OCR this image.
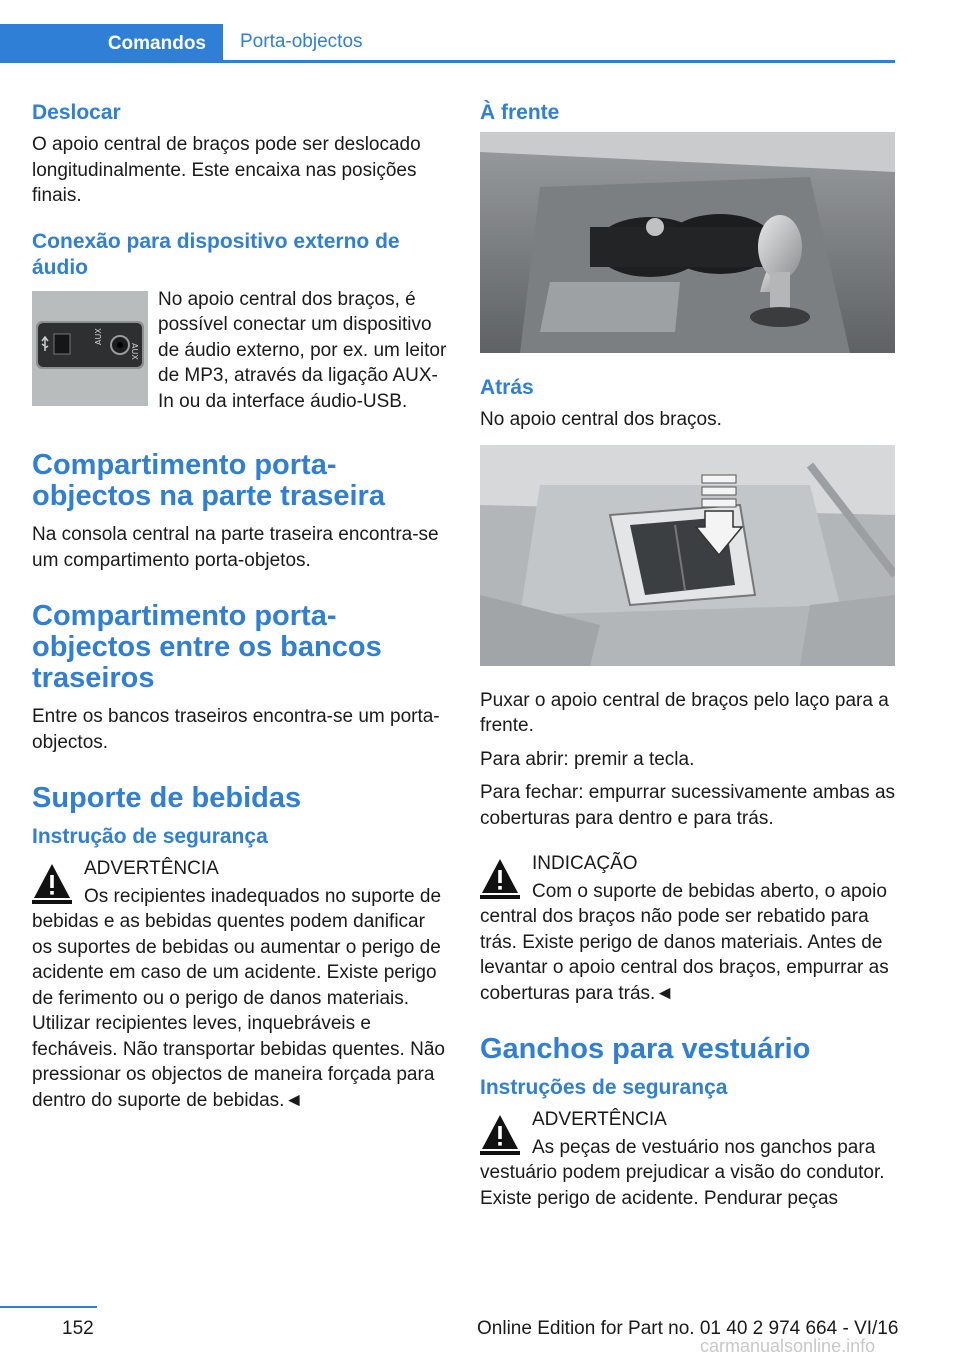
Comandos	Porta-objectos
Deslocar

O apoio central de braços pode ser deslocado longitudinalmente. Este encaixa nas posições finais.

Conexão para dispositivo externo de áudio
AUX
AUX

No apoio central dos braços, é possível conectar um dispositivo de áudio externo, por ex. um leitor de MP3, através da ligação AUX-In ou da interface áudio-USB.

Compartimento porta-objectos na parte traseira

Na consola central na parte traseira encontra-se um compartimento porta-objetos.

Compartimento porta-objectos entre os bancos traseiros

Entre os bancos traseiros encontra-se um porta-objectos.

Suporte de bebidas
Instrução de segurança

ADVERTÊNCIA

Os recipientes inadequados no suporte de bebidas e as bebidas quentes podem danificar os suportes de bebidas ou aumentar o perigo de acidente em caso de um acidente. Existe perigo de ferimento ou o perigo de danos materiais. Utilizar recipientes leves, inquebráveis e fecháveis. Não transportar bebidas quentes. Não pressionar os objectos de maneira forçada para dentro do suporte de bebidas.◄

À frente
Atrás

No apoio central dos braços.

Puxar o apoio central de braços pelo laço para a frente.

Para abrir: premir a tecla.

Para fechar: empurrar sucessivamente ambas as coberturas para dentro e para trás.

INDICAÇÃO

Com o suporte de bebidas aberto, o apoio central dos braços não pode ser rebatido para trás. Existe perigo de danos materiais. Antes de levantar o apoio central dos braços, empurrar as coberturas para trás.◄

Ganchos para vestuário
Instruções de segurança

ADVERTÊNCIA

As peças de vestuário nos ganchos para vestuário podem prejudicar a visão do condutor. Existe perigo de acidente. Pendurar peças

152	Online Edition for Part no. 01 40 2 974 664 - VI/16
carmanualsonline.info
